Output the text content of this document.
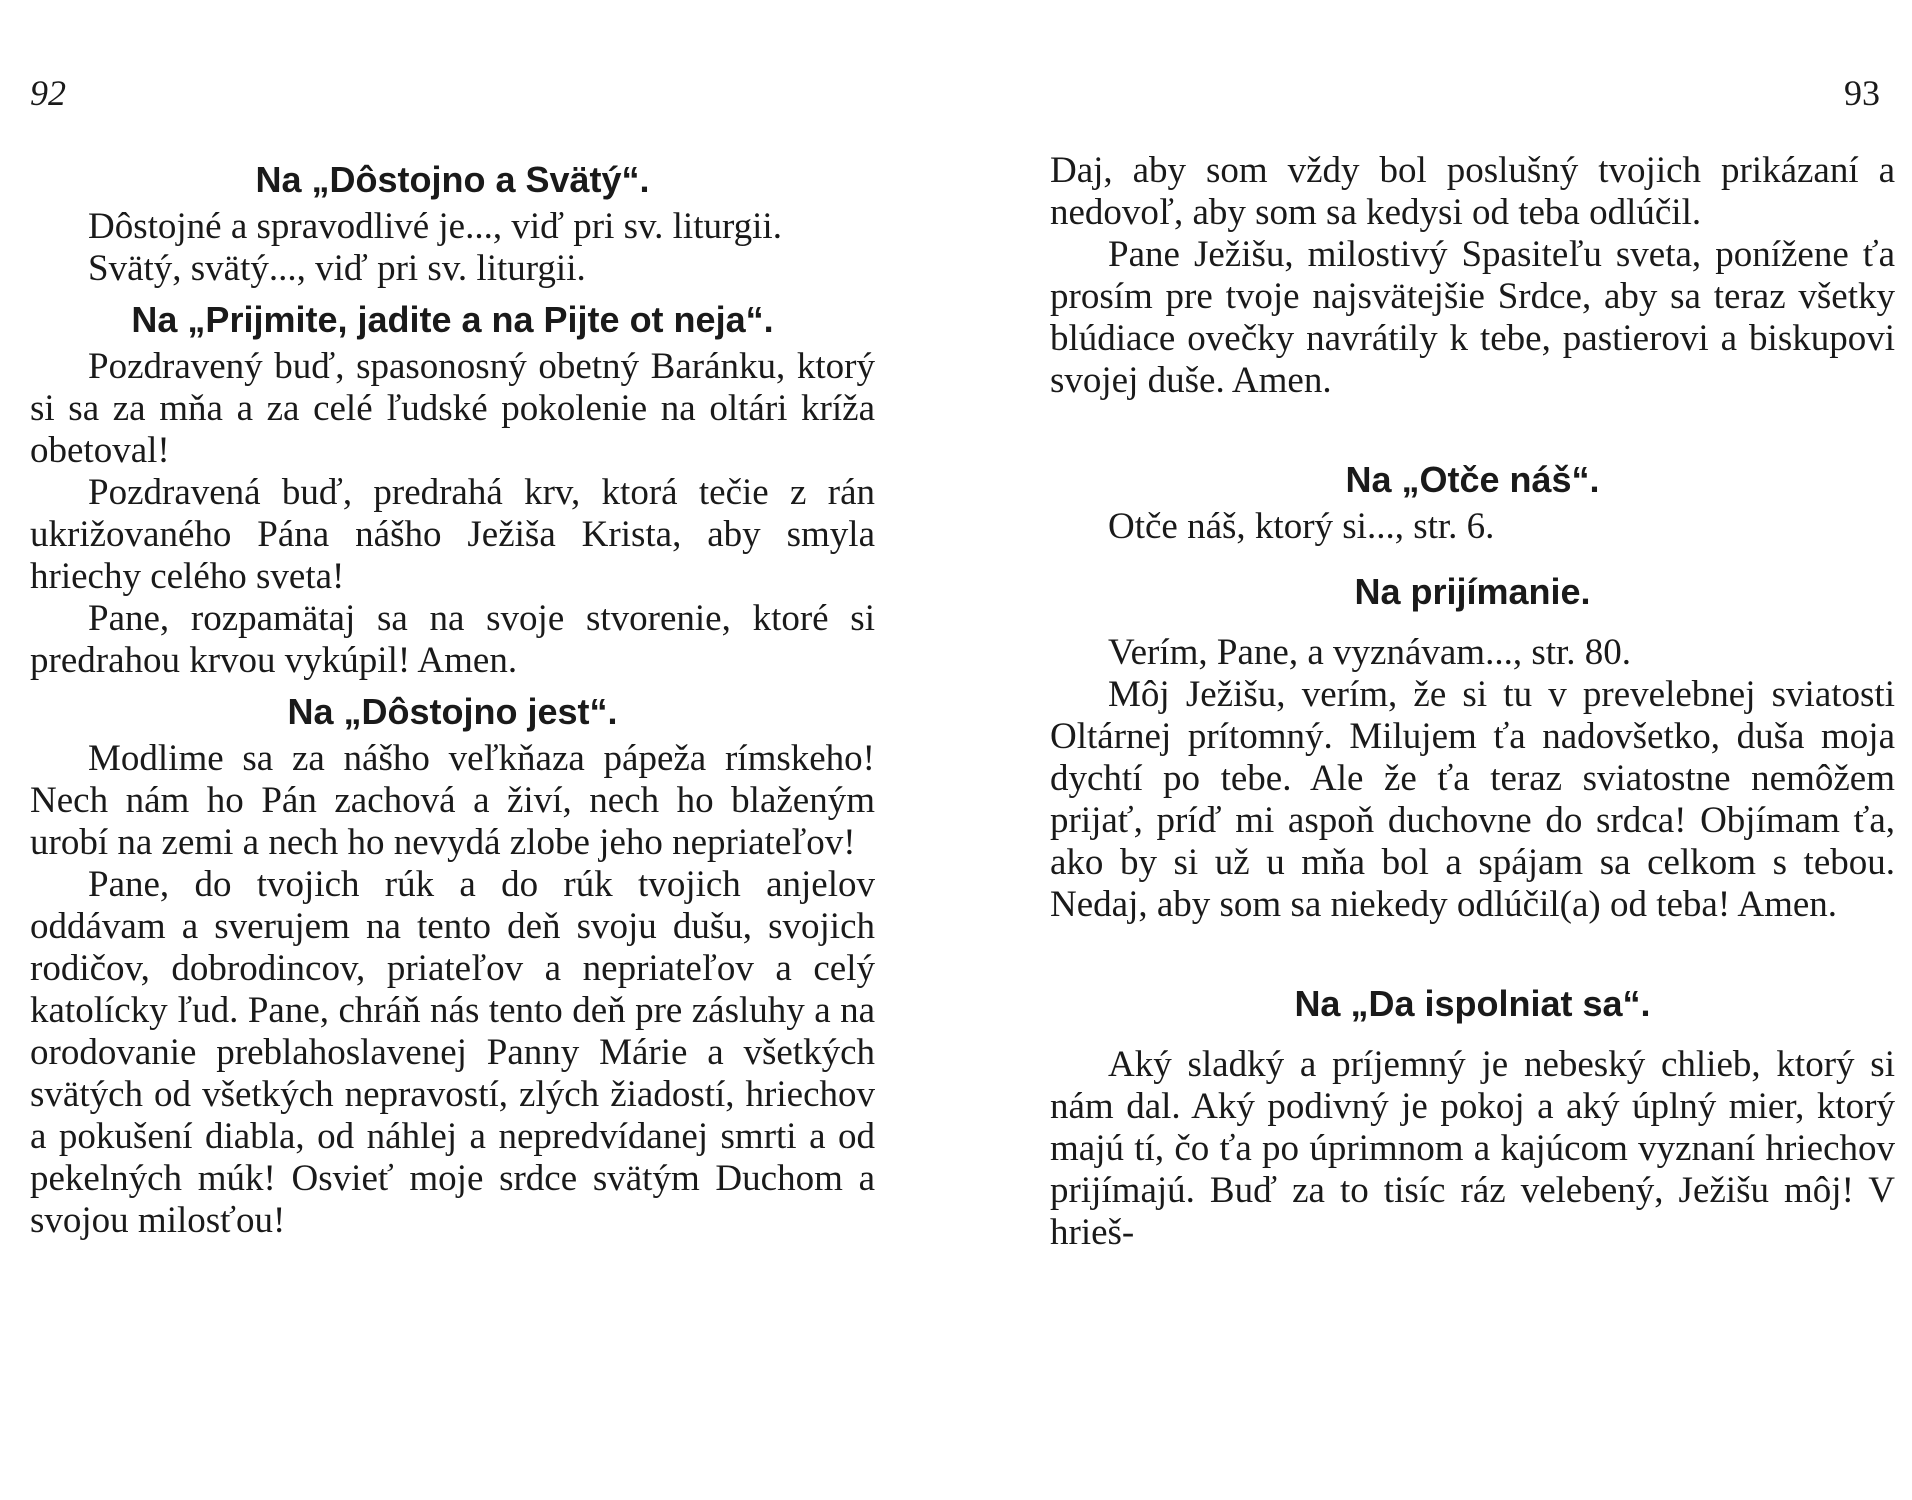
92
Na „Dôstojno a Svätý“.

Dôstojné a spravodlivé je..., viď pri sv. liturgii.

Svätý, svätý..., viď pri sv. liturgii.

Na „Prijmite, jadite a na Pijte ot neja“.

Pozdravený buď, spasonosný obetný Baránku, ktorý si sa za mňa a za celé ľudské pokolenie na oltári kríža obetoval!

Pozdravená buď, predrahá krv, ktorá tečie z rán ukrižovaného Pána nášho Ježiša Krista, aby smyla hriechy celého sveta!

Pane, rozpamätaj sa na svoje stvorenie, ktoré si predrahou krvou vykúpil! Amen.

Na „Dôstojno jest“.

Modlime sa za nášho veľkňaza pápeža rímskeho! Nech nám ho Pán zachová a živí, nech ho blaženým urobí na zemi a nech ho nevydá zlobe jeho nepriateľov!

Pane, do tvojich rúk a do rúk tvojich anjelov oddávam a sverujem na tento deň svoju dušu, svojich rodičov, dobrodincov, priateľov a nepriateľov a celý katolícky ľud. Pane, chráň nás tento deň pre zásluhy a na orodovanie preblahoslavenej Panny Márie a všetkých svätých od všetkých nepravostí, zlých žiadostí, hriechov a pokušení diabla, od náhlej a nepredvídanej smrti a od pekelných múk! Osvieť moje srdce svätým Duchom a svojou milosťou!

93

Daj, aby som vždy bol poslušný tvojich prikázaní a nedovoľ, aby som sa kedysi od teba odlúčil.

Pane Ježišu, milostivý Spasiteľu sveta, ponížene ťa prosím pre tvoje najsvätejšie Srdce, aby sa teraz všetky blúdiace ovečky navrátily k tebe, pastierovi a biskupovi svojej duše. Amen.

Na „Otče náš“.

Otče náš, ktorý si..., str. 6.

Na prijímanie.

Verím, Pane, a vyznávam..., str. 80.

Môj Ježišu, verím, že si tu v prevelebnej sviatosti Oltárnej prítomný. Milujem ťa nadovšetko, duša moja dychtí po tebe. Ale že ťa teraz sviatostne nemôžem prijať, príď mi aspoň duchovne do srdca! Objímam ťa, ako by si už u mňa bol a spájam sa celkom s tebou. Nedaj, aby som sa niekedy odlúčil(a) od teba! Amen.

Na „Da ispolniat sa“.

Aký sladký a príjemný je nebeský chlieb, ktorý si nám dal. Aký podivný je pokoj a aký úplný mier, ktorý majú tí, čo ťa po úprimnom a kajúcom vyznaní hriechov prijímajú. Buď za to tisíc ráz velebený, Ježišu môj! V hrieš-
